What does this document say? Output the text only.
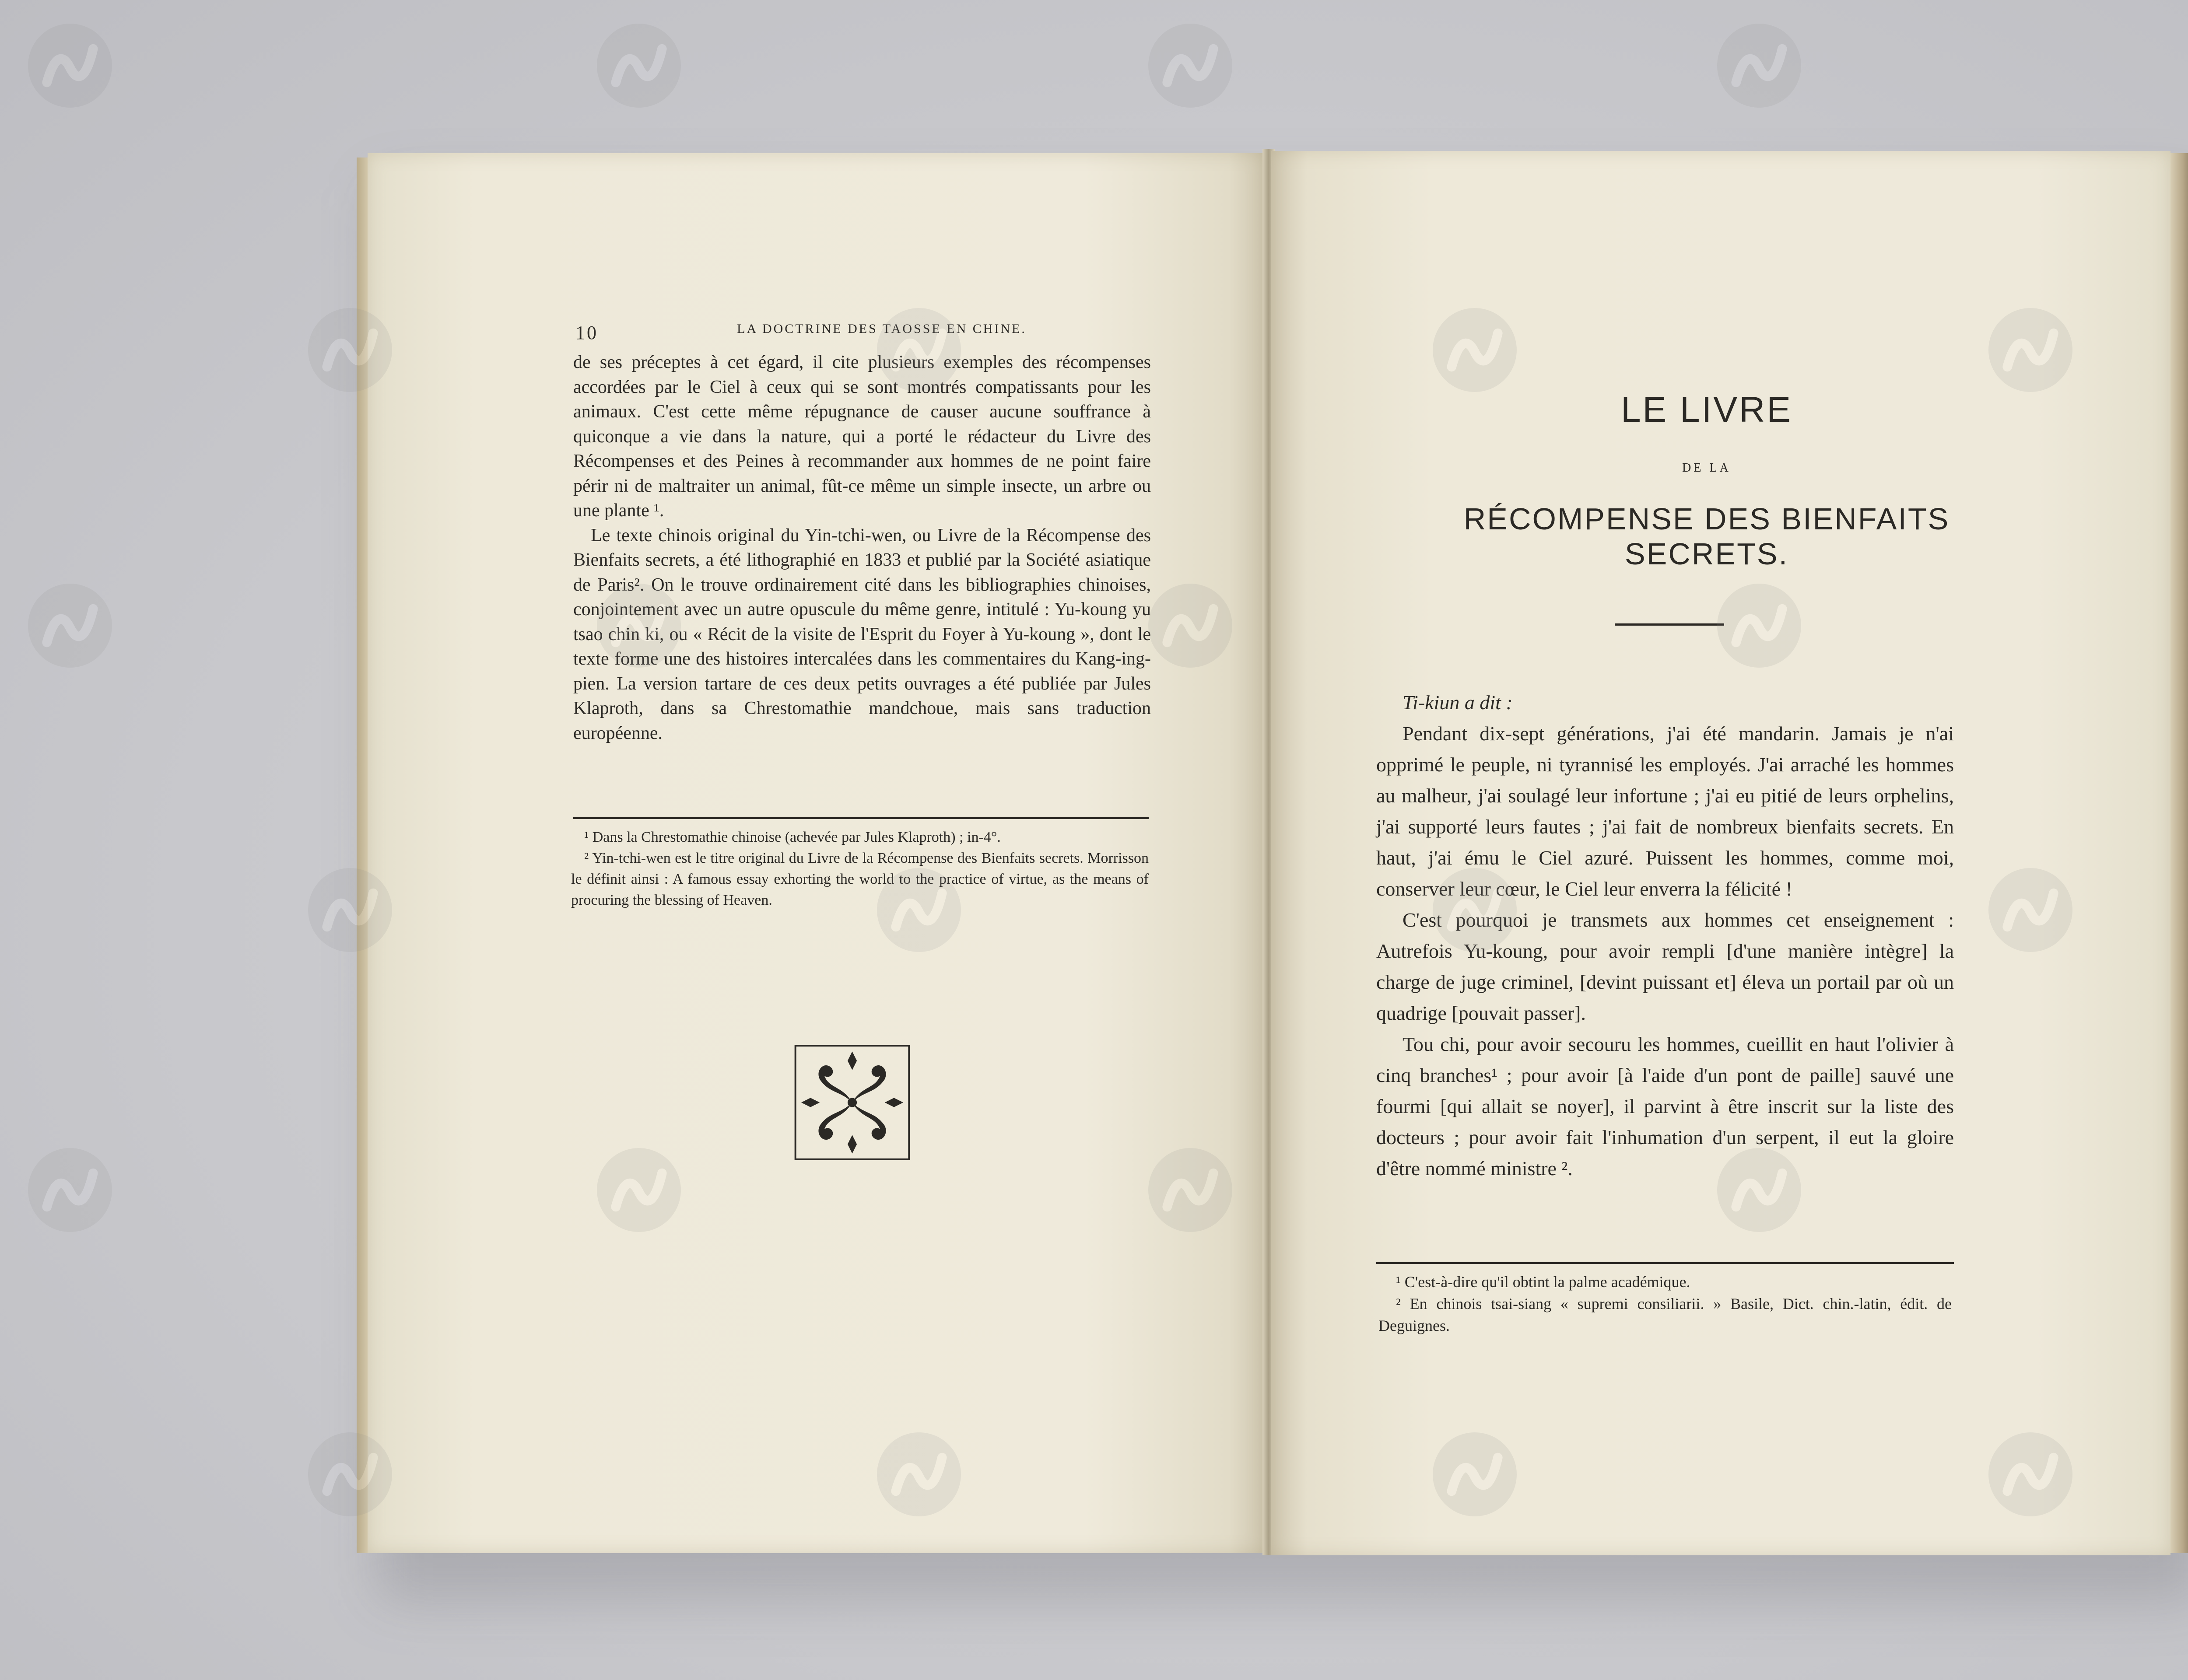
10	LA DOCTRINE DES TAOSSE EN CHINE.

de ses préceptes à cet égard, il cite plusieurs exemples des récompenses accordées par le Ciel à ceux qui se sont montrés compatissants pour les animaux. C'est cette même répugnance de causer aucune souffrance à quiconque a vie dans la nature, qui a porté le rédacteur du Livre des Récompenses et des Peines à recommander aux hommes de ne point faire périr ni de maltraiter un animal, fût-ce même un simple insecte, un arbre ou une plante ¹.

Le texte chinois original du Yin-tchi-wen, ou Livre de la Récompense des Bienfaits secrets, a été lithographié en 1833 et publié par la Société asiatique de Paris². On le trouve ordinairement cité dans les bibliographies chinoises, conjointement avec un autre opuscule du même genre, intitulé : Yu-koung yu tsao chin ki, ou « Récit de la visite de l'Esprit du Foyer à Yu-koung », dont le texte forme une des histoires intercalées dans les commentaires du Kang-ing-pien. La version tartare de ces deux petits ouvrages a été publiée par Jules Klaproth, dans sa Chrestomathie mandchoue, mais sans traduction européenne.

¹ Dans la Chrestomathie chinoise (achevée par Jules Klaproth) ; in-4°.

² Yin-tchi-wen est le titre original du Livre de la Récompense des Bienfaits secrets. Morrisson le définit ainsi : A famous essay exhorting the world to the practice of virtue, as the means of procuring the blessing of Heaven.

LE LIVRE
DE LA
RÉCOMPENSE DES BIENFAITS SECRETS.

Ti-kiun a dit :

Pendant dix-sept générations, j'ai été mandarin. Jamais je n'ai opprimé le peuple, ni tyrannisé les employés. J'ai arraché les hommes au malheur, j'ai soulagé leur infortune ; j'ai eu pitié de leurs orphelins, j'ai supporté leurs fautes ; j'ai fait de nombreux bienfaits secrets. En haut, j'ai ému le Ciel azuré. Puissent les hommes, comme moi, conserver leur cœur, le Ciel leur enverra la félicité !

C'est pourquoi je transmets aux hommes cet enseignement : Autrefois Yu-koung, pour avoir rempli [d'une manière intègre] la charge de juge criminel, [devint puissant et] éleva un portail par où un quadrige [pouvait passer].

Tou chi, pour avoir secouru les hommes, cueillit en haut l'olivier à cinq branches¹ ; pour avoir [à l'aide d'un pont de paille] sauvé une fourmi [qui allait se noyer], il parvint à être inscrit sur la liste des docteurs ; pour avoir fait l'inhumation d'un serpent, il eut la gloire d'être nommé ministre ².

¹ C'est-à-dire qu'il obtint la palme académique.

² En chinois tsai-siang « supremi consiliarii. » Basile, Dict. chin.-latin, édit. de Deguignes.
